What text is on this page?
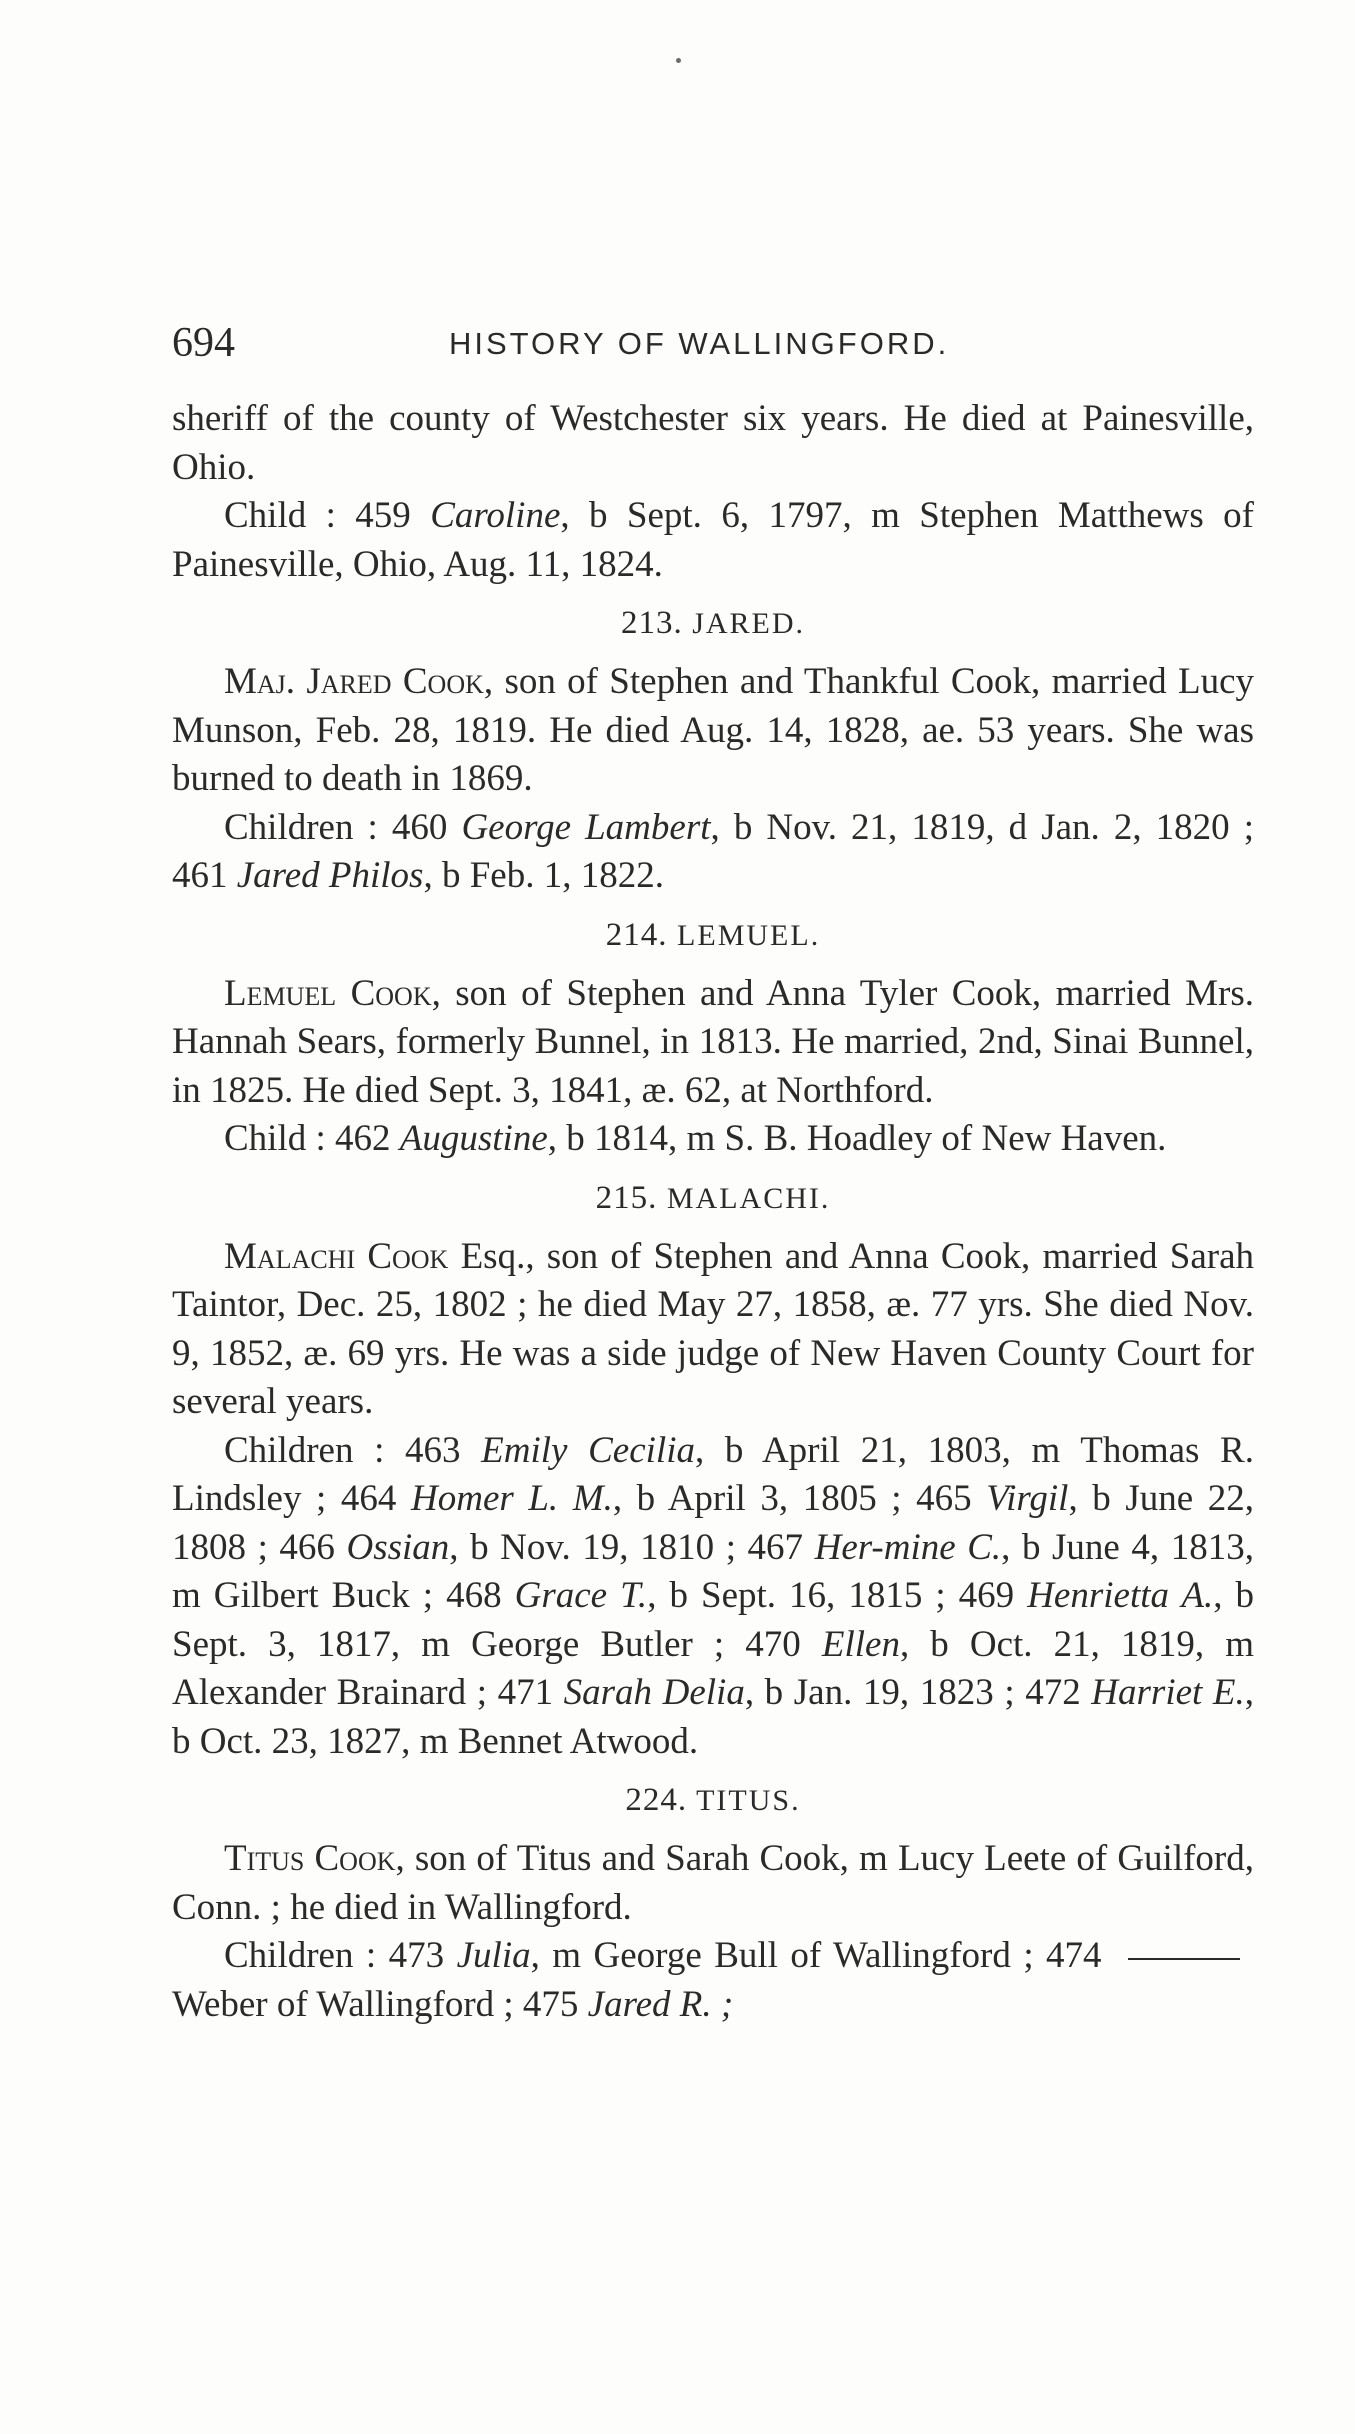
694	HISTORY OF WALLINGFORD.

sheriff of the county of Westchester six years. He died at Painesville, Ohio.

Child : 459 Caroline, b Sept. 6, 1797, m Stephen Matthews of Painesville, Ohio, Aug. 11, 1824.

213. JARED.

Maj. Jared Cook, son of Stephen and Thankful Cook, married Lucy Munson, Feb. 28, 1819. He died Aug. 14, 1828, ae. 53 years. She was burned to death in 1869.

Children : 460 George Lambert, b Nov. 21, 1819, d Jan. 2, 1820 ; 461 Jared Philos, b Feb. 1, 1822.

214. LEMUEL.

Lemuel Cook, son of Stephen and Anna Tyler Cook, married Mrs. Hannah Sears, formerly Bunnel, in 1813. He married, 2nd, Sinai Bunnel, in 1825. He died Sept. 3, 1841, æ. 62, at Northford.

Child : 462 Augustine, b 1814, m S. B. Hoadley of New Haven.

215. MALACHI.

Malachi Cook Esq., son of Stephen and Anna Cook, married Sarah Taintor, Dec. 25, 1802 ; he died May 27, 1858, æ. 77 yrs. She died Nov. 9, 1852, æ. 69 yrs. He was a side judge of New Haven County Court for several years.

Children : 463 Emily Cecilia, b April 21, 1803, m Thomas R. Lindsley ; 464 Homer L. M., b April 3, 1805 ; 465 Virgil, b June 22, 1808 ; 466 Ossian, b Nov. 19, 1810 ; 467 Her-mine C., b June 4, 1813, m Gilbert Buck ; 468 Grace T., b Sept. 16, 1815 ; 469 Henrietta A., b Sept. 3, 1817, m George Butler ; 470 Ellen, b Oct. 21, 1819, m Alexander Brainard ; 471 Sarah Delia, b Jan. 19, 1823 ; 472 Harriet E., b Oct. 23, 1827, m Bennet Atwood.

224. TITUS.

Titus Cook, son of Titus and Sarah Cook, m Lucy Leete of Guilford, Conn. ; he died in Wallingford.

Children : 473 Julia, m George Bull of Wallingford ; 474 Weber of Wallingford ; 475 Jared R. ;
